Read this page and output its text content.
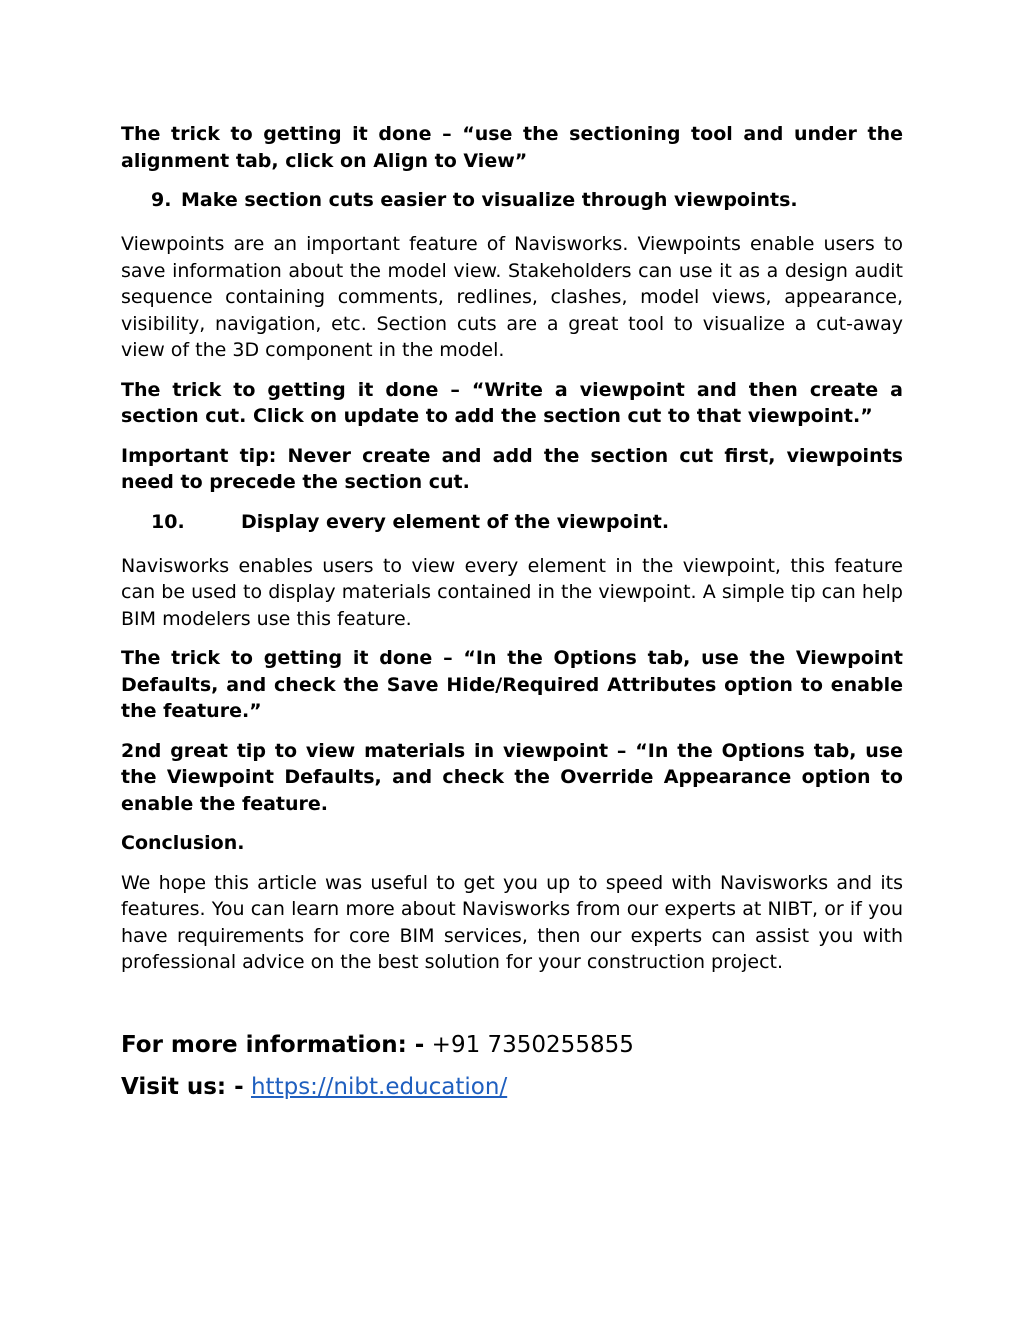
The trick to getting it done – “use the sectioning tool and under the alignment tab, click on Align to View”

9. Make section cuts easier to visualize through viewpoints.

Viewpoints are an important feature of Navisworks. Viewpoints enable users to save information about the model view. Stakeholders can use it as a design audit sequence containing comments, redlines, clashes, model views, appearance, visibility, navigation, etc. Section cuts are a great tool to visualize a cut-away view of the 3D component in the model.

The trick to getting it done – “Write a viewpoint and then create a section cut. Click on update to add the section cut to that viewpoint.”

Important tip: Never create and add the section cut first, viewpoints need to precede the section cut.

10.	Display every element of the viewpoint.

Navisworks enables users to view every element in the viewpoint, this feature can be used to display materials contained in the viewpoint. A simple tip can help BIM modelers use this feature.

The trick to getting it done – “In the Options tab, use the Viewpoint Defaults, and check the Save Hide/Required Attributes option to enable the feature.”

2nd great tip to view materials in viewpoint – “In the Options tab, use the Viewpoint Defaults, and check the Override Appearance option to enable the feature.

Conclusion.

We hope this article was useful to get you up to speed with Navisworks and its features. You can learn more about Navisworks from our experts at NIBT, or if you have requirements for core BIM services, then our experts can assist you with professional advice on the best solution for your construction project.

For more information: - +91 7350255855

Visit us: - https://nibt.education/
